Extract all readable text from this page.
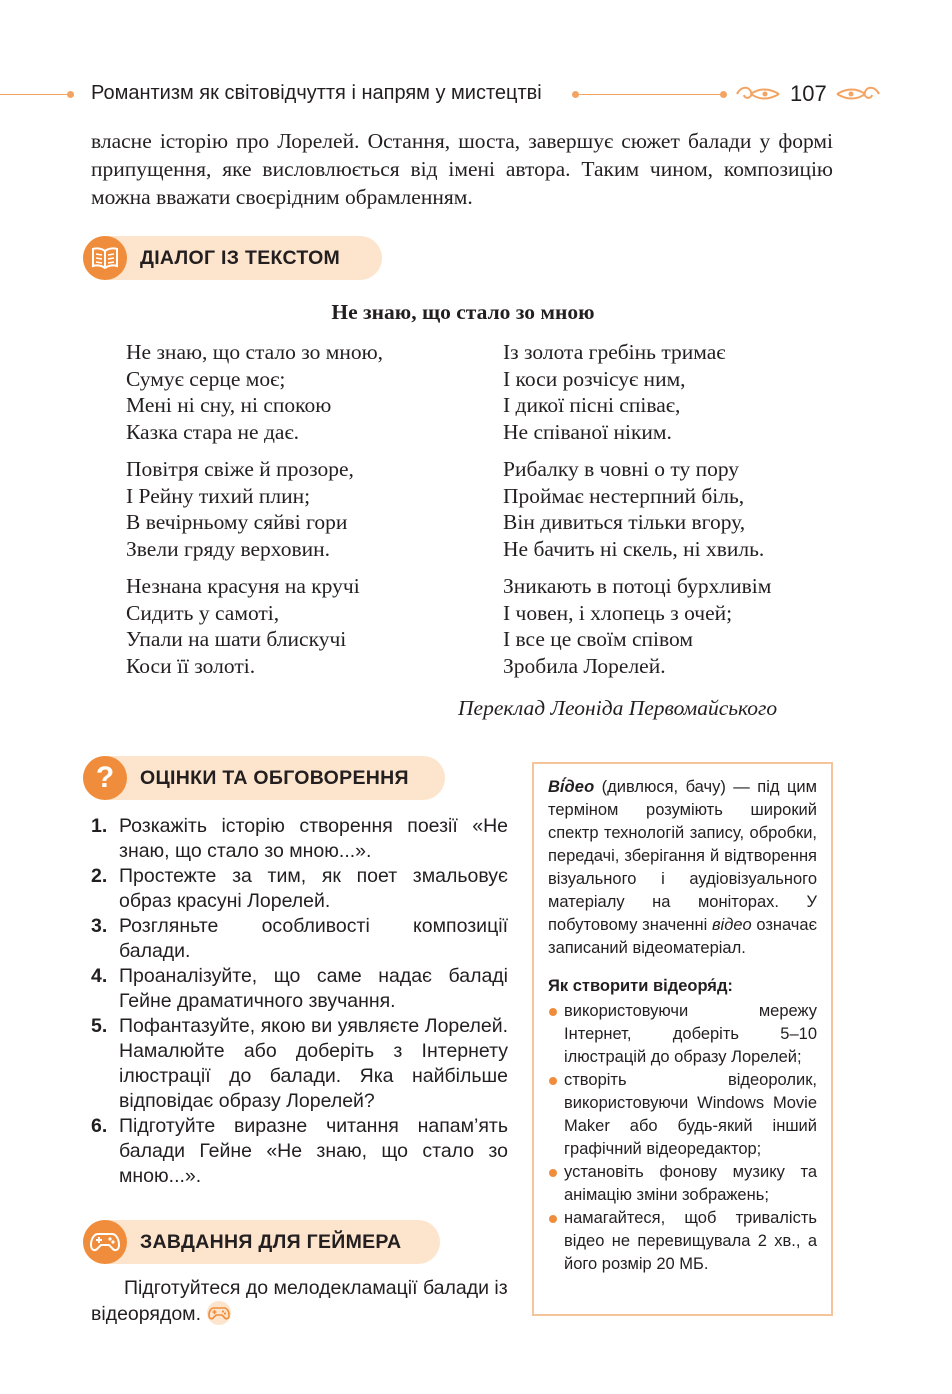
Романтизм як світовідчуття і напрям у мистецтві	107

власне історію про Лорелей. Остання, шоста, завершує сюжет балади у формі припущення, яке висловлюється від імені автора. Таким чином, композицію можна вважати своєрідним обрамленням.

ДІАЛОГ ІЗ ТЕКСТОМ
Не знаю, що стало зо мною
Не знаю, що стало зо мною,
Сумує серце моє;
Мені ні сну, ні спокою
Казка стара не дає.
Повітря свіже й прозоре,
І Рейну тихий плин;
В вечірньому сяйві гори
Звели гряду верховин.
Незнана красуня на кручі
Сидить у самоті,
Упали на шати блискучі
Коси її золоті.
Із золота гребінь тримає
І коси розчісує ним,
І дикої пісні співає,
Не співаної ніким.
Рибалку в човні о ту пору
Проймає нестерпний біль,
Він дивиться тільки вгору,
Не бачить ні скель, ні хвиль.
Зникають в потоці бурхливім
І човен, і хлопець з очей;
І все це своїм співом
Зробила Лорелей.
Переклад Леоніда Первомайського
? ОЦІНКИ ТА ОБГОВОРЕННЯ
1. Розкажіть історію створення поезії «Не знаю, що стало зо мною...».
2. Простежте за тим, як поет змальовує образ красуні Лорелей.
3. Розгляньте особливості композиції балади.
4. Проаналізуйте, що саме надає баладі Гейне драматичного звучання.
5. Пофантазуйте, якою ви уявляєте Лорелей. Намалюйте або доберіть з Інтернету ілюстрації до балади. Яка найбільше відповідає образу Лорелей?
6. Підготуйте виразне читання напам’ять балади Гейне «Не знаю, що стало зо мною...».
ЗАВДАННЯ ДЛЯ ГЕЙМЕРА

Підготуйтеся до мелодекламації балади із відеорядом.

Ві́део (дивлюся, бачу) — під цим терміном розуміють широкий спектр технологій запису, обробки, передачі, зберігання й відтворення візуального і аудіовізуального матеріалу на моніторах. У побутовому значенні відео означає записаний відеоматеріал.

Як створити відеоря́д:

використовуючи мережу Інтернет, доберіть 5–10 ілюстрацій до образу Лорелей;
створіть відеоролик, використовуючи Windows Movie Maker або будь-який інший графічний відеоредактор;
установіть фонову музику та анімацію зміни зображень;
намагайтеся, щоб тривалість відео не перевищувала 2 хв., а його розмір 20 МБ.
